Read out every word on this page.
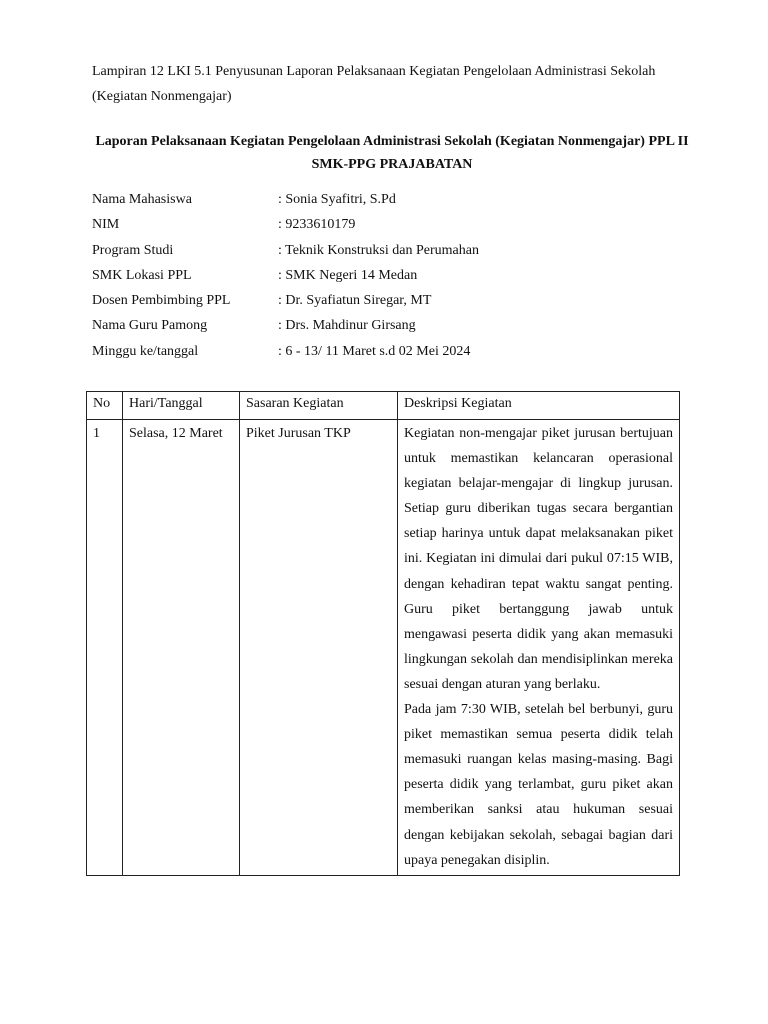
Lampiran 12 LKI 5.1 Penyusunan Laporan Pelaksanaan Kegiatan Pengelolaan Administrasi Sekolah (Kegiatan Nonmengajar)
Laporan Pelaksanaan Kegiatan Pengelolaan Administrasi Sekolah (Kegiatan Nonmengajar) PPL II SMK-PPG PRAJABATAN
Nama Mahasiswa	: Sonia Syafitri, S.Pd
NIM	: 9233610179
Program Studi	: Teknik Konstruksi dan Perumahan
SMK Lokasi PPL	: SMK Negeri 14 Medan
Dosen Pembimbing PPL	: Dr. Syafiatun Siregar, MT
Nama Guru Pamong	: Drs. Mahdinur Girsang
Minggu ke/tanggal	: 6 - 13/ 11 Maret s.d 02 Mei 2024
No	Hari/Tanggal	Sasaran Kegiatan	Deskripsi Kegiatan
1	Selasa, 12 Maret	Piket Jurusan TKP	Kegiatan non-mengajar piket jurusan bertujuan untuk memastikan kelancaran operasional kegiatan belajar-mengajar di lingkup jurusan. Setiap guru diberikan tugas secara bergantian setiap harinya untuk dapat melaksanakan piket ini. Kegiatan ini dimulai dari pukul 07:15 WIB, dengan kehadiran tepat waktu sangat penting. Guru piket bertanggung jawab untuk mengawasi peserta didik yang akan memasuki lingkungan sekolah dan mendisiplinkan mereka sesuai dengan aturan yang berlaku.

Pada jam 7:30 WIB, setelah bel berbunyi, guru piket memastikan semua peserta didik telah memasuki ruangan kelas masing-masing. Bagi peserta didik yang terlambat, guru piket akan memberikan sanksi atau hukuman sesuai dengan kebijakan sekolah, sebagai bagian dari upaya penegakan disiplin.
